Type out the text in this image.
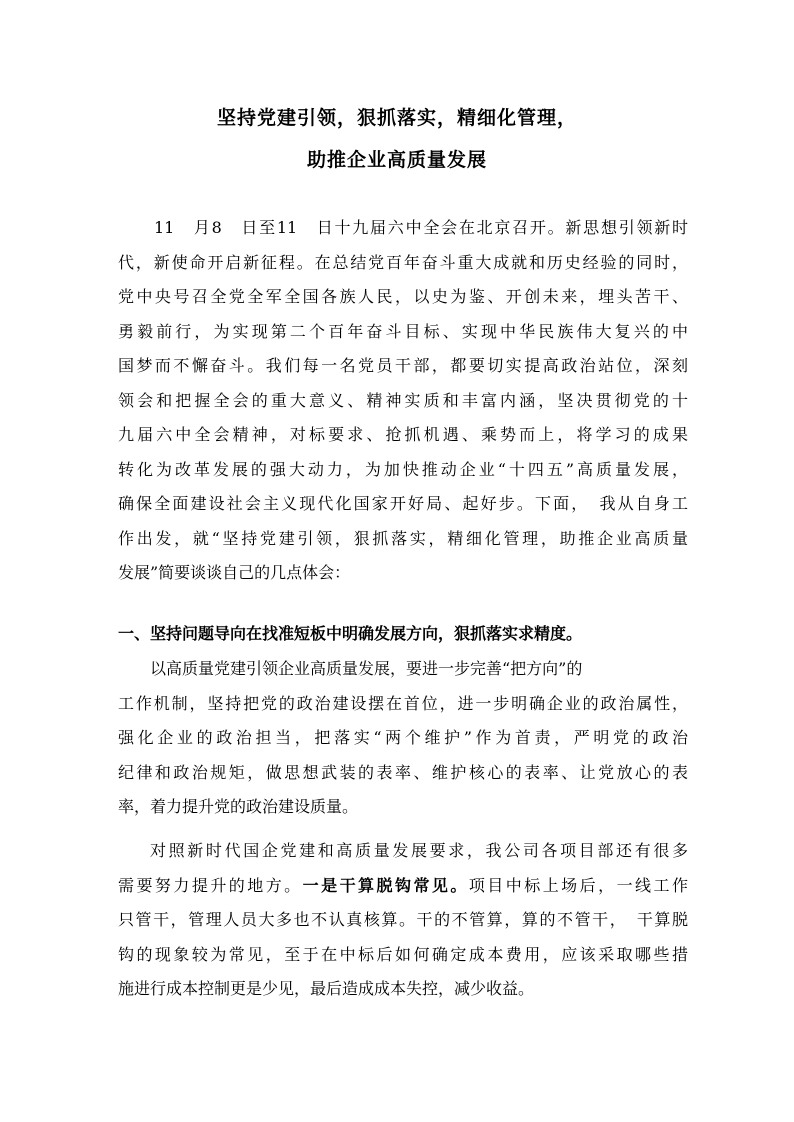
坚持党建引领，狠抓落实，精细化管理，
助推企业高质量发展
11　月8　日至11　日十九届六中全会在北京召开。新思想引领新时
代，新使命开启新征程。在总结党百年奋斗重大成就和历史经验的同时，
党中央号召全党全军全国各族人民，以史为鉴、开创未来，埋头苦干、
勇毅前行，为实现第二个百年奋斗目标、实现中华民族伟大复兴的中
国梦而不懈奋斗。我们每一名党员干部，都要切实提高政治站位，深刻
领会和把握全会的重大意义、精神实质和丰富内涵，坚决贯彻党的十
九届六中全会精神，对标要求、抢抓机遇、乘势而上，将学习的成果
转化为改革发展的强大动力，为加快推动企业“十四五”高质量发展，
确保全面建设社会主义现代化国家开好局、起好步。下面，　我从自身工
作出发，就“坚持党建引领，狠抓落实，精细化管理，助推企业高质量
发展”简要谈谈自己的几点体会：
一、坚持问题导向在找准短板中明确发展方向，狠抓落实求精度。
以高质量党建引领企业高质量发展，要进一步完善“把方向”的
工作机制，坚持把党的政治建设摆在首位，进一步明确企业的政治属性，
强化企业的政治担当，把落实“两个维护”作为首责，严明党的政治
纪律和政治规矩，做思想武装的表率、维护核心的表率、让党放心的表
率，着力提升党的政治建设质量。
对照新时代国企党建和高质量发展要求，我公司各项目部还有很多
需要努力提升的地方。一是干算脱钩常见。项目中标上场后，一线工作
只管干，管理人员大多也不认真核算。干的不管算，算的不管干，　干算脱
钩的现象较为常见，至于在中标后如何确定成本费用，应该采取哪些措
施进行成本控制更是少见，最后造成成本失控，减少收益。
